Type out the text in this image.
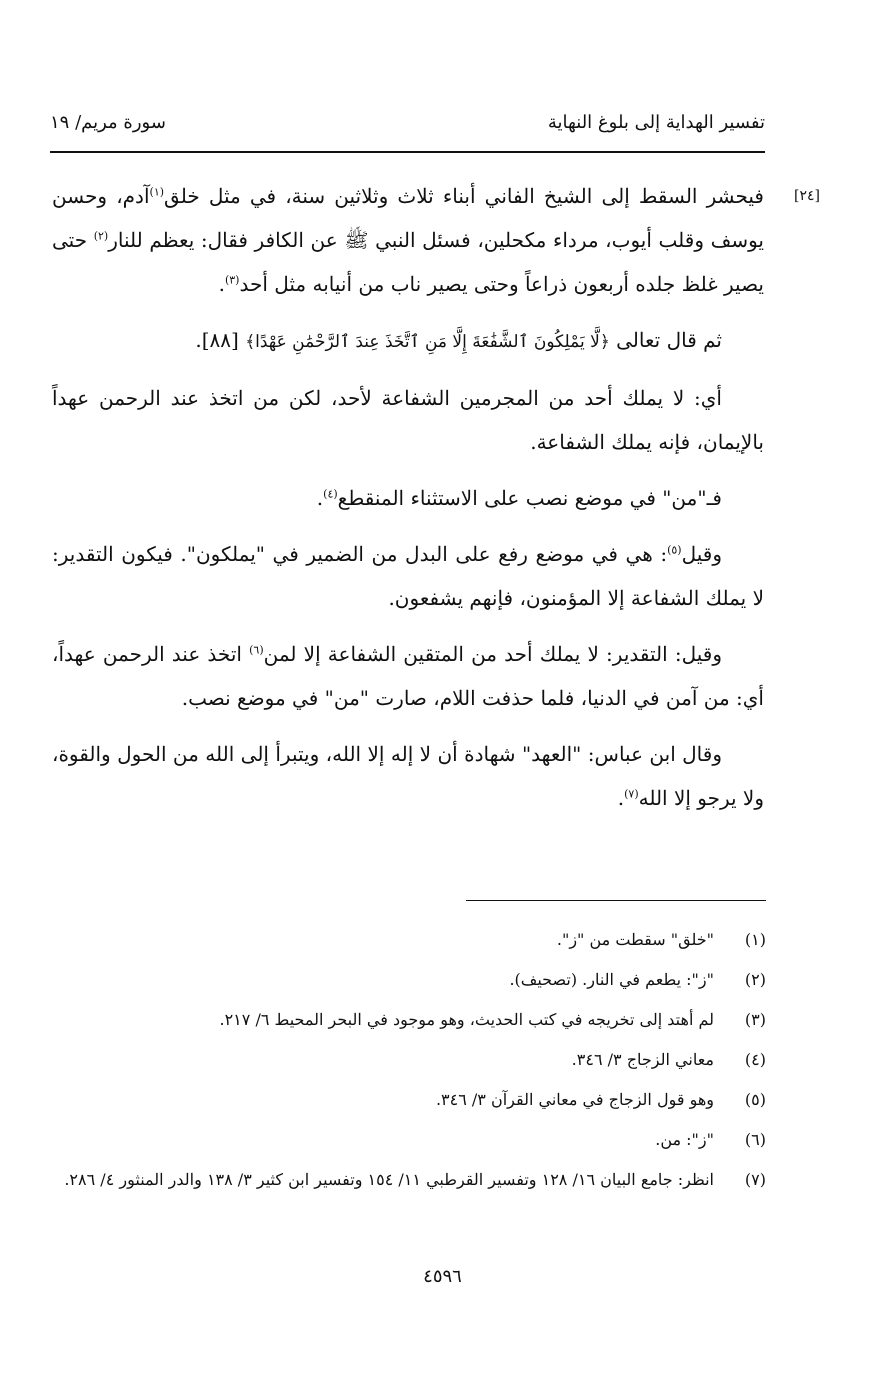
تفسير الهداية إلى بلوغ النهاية
سورة مريم/ ١٩
[٢٤]

فيحشر السقط إلى الشيخ الفاني أبناء ثلاث وثلاثين سنة، في مثل خلق$^{(١)}$آدم، وحسن يوسف وقلب أيوب، مرداء مكحلين، فسئل النبي ﷺ عن الكافر فقال: يعظم للنار$^{(٢)}$ حتى يصير غلظ جلده أربعون ذراعاً وحتى يصير ناب من أنيابه مثل أحد$^{(٣)}$.

ثم قال تعالى ﴿لَّا يَمْلِكُونَ ٱلشَّفَٰعَةَ إِلَّا مَنِ ٱتَّخَذَ عِندَ ٱلرَّحْمَٰنِ عَهْدًا﴾ [٨٨].

أي: لا يملك أحد من المجرمين الشفاعة لأحد، لكن من اتخذ عند الرحمن عهداً بالإيمان، فإنه يملك الشفاعة.

فـ"من" في موضع نصب على الاستثناء المنقطع$^{(٤)}$.

وقيل$^{(٥)}$: هي في موضع رفع على البدل من الضمير في "يملكون". فيكون التقدير: لا يملك الشفاعة إلا المؤمنون، فإنهم يشفعون.

وقيل: التقدير: لا يملك أحد من المتقين الشفاعة إلا لمن$^{(٦)}$ اتخذ عند الرحمن عهداً، أي: من آمن في الدنيا، فلما حذفت اللام، صارت "من" في موضع نصب.

وقال ابن عباس: "العهد" شهادة أن لا إله إلا الله، ويتبرأ إلى الله من الحول والقوة، ولا يرجو إلا الله$^{(٧)}$.

(١)
"خلق" سقطت من "ز".
(٢)
"ز": يطعم في النار. (تصحيف).
(٣)
لم أهتد إلى تخريجه في كتب الحديث، وهو موجود في البحر المحيط ٦/ ٢١٧.
(٤)
معاني الزجاج ٣/ ٣٤٦.
(٥)
وهو قول الزجاج في معاني القرآن ٣/ ٣٤٦.
(٦)
"ز": من.
(٧)
انظر: جامع البيان ١٦/ ١٢٨ وتفسير القرطبي ١١/ ١٥٤ وتفسير ابن كثير ٣/ ١٣٨ والدر المنثور ٤/ ٢٨٦.
٤٥٩٦
